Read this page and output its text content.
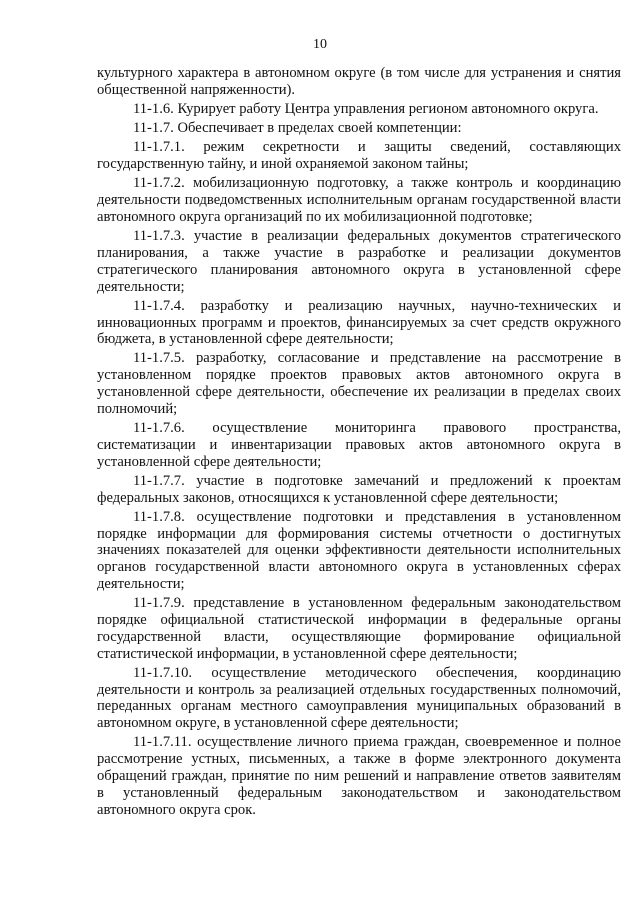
10

культурного характера в автономном округе (в том числе для устранения и снятия общественной напряженности).

11-1.6. Курирует работу Центра управления регионом автономного округа.

11-1.7. Обеспечивает в пределах своей компетенции:

11-1.7.1. режим секретности и защиты сведений, составляющих государственную тайну, и иной охраняемой законом тайны;

11-1.7.2. мобилизационную подготовку, а также контроль и координацию деятельности подведомственных исполнительным органам государственной власти автономного округа организаций по их мобилизационной подготовке;

11-1.7.3. участие в реализации федеральных документов стратегического планирования, а также участие в разработке и реализации документов стратегического планирования автономного округа в установленной сфере деятельности;

11-1.7.4. разработку и реализацию научных, научно-технических и инновационных программ и проектов, финансируемых за счет средств окружного бюджета, в установленной сфере деятельности;

11-1.7.5. разработку, согласование и представление на рассмотрение в установленном порядке проектов правовых актов автономного округа в установленной сфере деятельности, обеспечение их реализации в пределах своих полномочий;

11-1.7.6. осуществление мониторинга правового пространства, систематизации и инвентаризации правовых актов автономного округа в установленной сфере деятельности;

11-1.7.7. участие в подготовке замечаний и предложений к проектам федеральных законов, относящихся к установленной сфере деятельности;

11-1.7.8. осуществление подготовки и представления в установленном порядке информации для формирования системы отчетности о достигнутых значениях показателей для оценки эффективности деятельности исполнительных органов государственной власти автономного округа в установленных сферах деятельности;

11-1.7.9. представление в установленном федеральным законодательством порядке официальной статистической информации в федеральные органы государственной власти, осуществляющие формирование официальной статистической информации, в установленной сфере деятельности;

11-1.7.10. осуществление методического обеспечения, координацию деятельности и контроль за реализацией отдельных государственных полномочий, переданных органам местного самоуправления муниципальных образований в автономном округе, в установленной сфере деятельности;

11-1.7.11. осуществление личного приема граждан, своевременное и полное рассмотрение устных, письменных, а также в форме электронного документа обращений граждан, принятие по ним решений и направление ответов заявителям в установленный федеральным законодательством и законодательством автономного округа срок.
